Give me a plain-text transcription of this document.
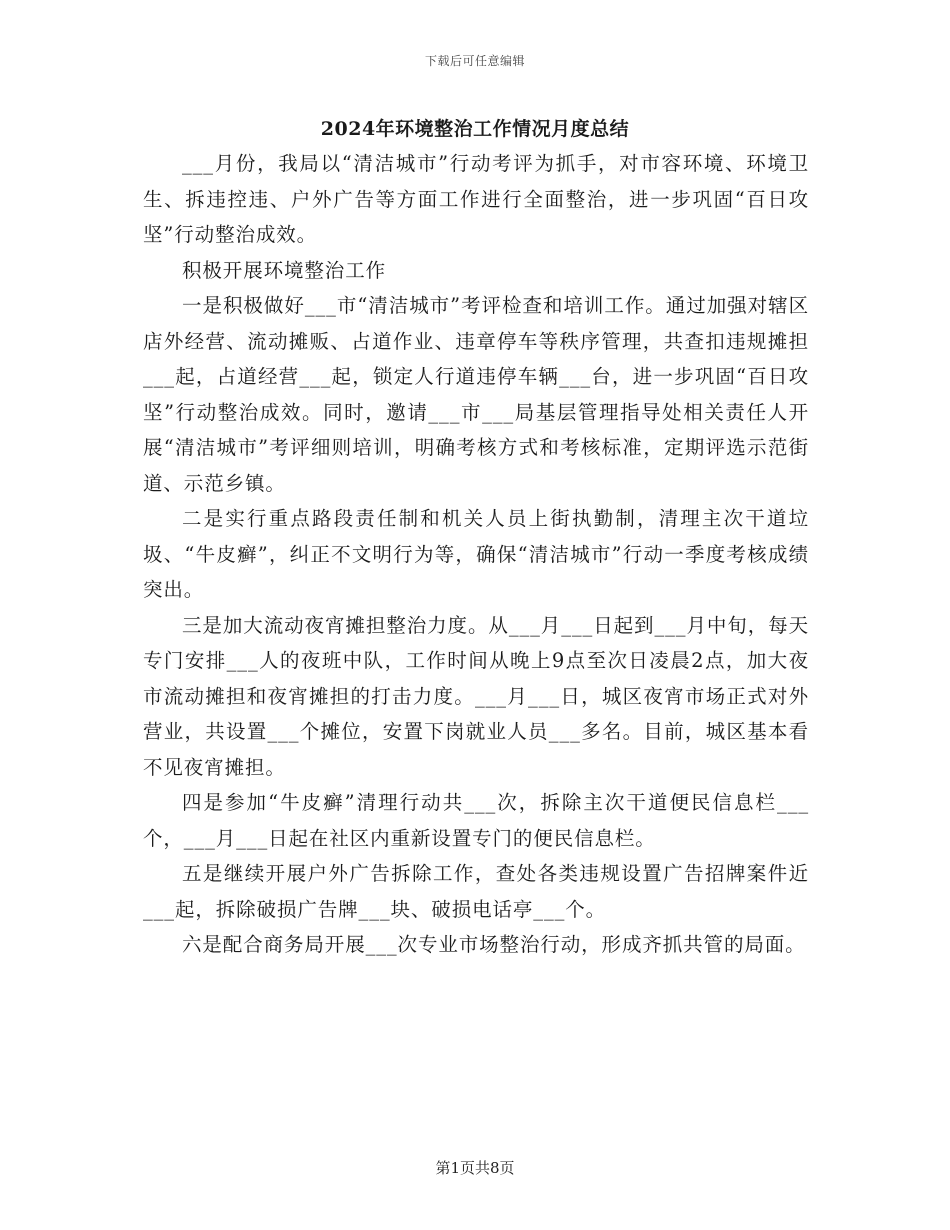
下载后可任意编辑
2024年环境整治工作情况月度总结

___月份，我局以“清洁城市”行动考评为抓手，对市容环境、环境卫生、拆违控违、户外广告等方面工作进行全面整治，进一步巩固“百日攻坚”行动整治成效。

积极开展环境整治工作

一是积极做好___市“清洁城市”考评检查和培训工作。通过加强对辖区店外经营、流动摊贩、占道作业、违章停车等秩序管理，共查扣违规摊担___起，占道经营___起，锁定人行道违停车辆___台，进一步巩固“百日攻坚”行动整治成效。同时，邀请___市___局基层管理指导处相关责任人开展“清洁城市”考评细则培训，明确考核方式和考核标准，定期评选示范街道、示范乡镇。

二是实行重点路段责任制和机关人员上街执勤制，清理主次干道垃圾、“牛皮癣”，纠正不文明行为等，确保“清洁城市”行动一季度考核成绩突出。

三是加大流动夜宵摊担整治力度。从___月___日起到___月中旬，每天专门安排___人的夜班中队，工作时间从晚上9点至次日凌晨2点，加大夜市流动摊担和夜宵摊担的打击力度。___月___日，城区夜宵市场正式对外营业，共设置___个摊位，安置下岗就业人员___多名。目前，城区基本看不见夜宵摊担。

四是参加“牛皮癣”清理行动共___次，拆除主次干道便民信息栏___个，___月___日起在社区内重新设置专门的便民信息栏。

五是继续开展户外广告拆除工作，查处各类违规设置广告招牌案件近___起，拆除破损广告牌___块、破损电话亭___个。

六是配合商务局开展___次专业市场整治行动，形成齐抓共管的局面。

第1页共8页
